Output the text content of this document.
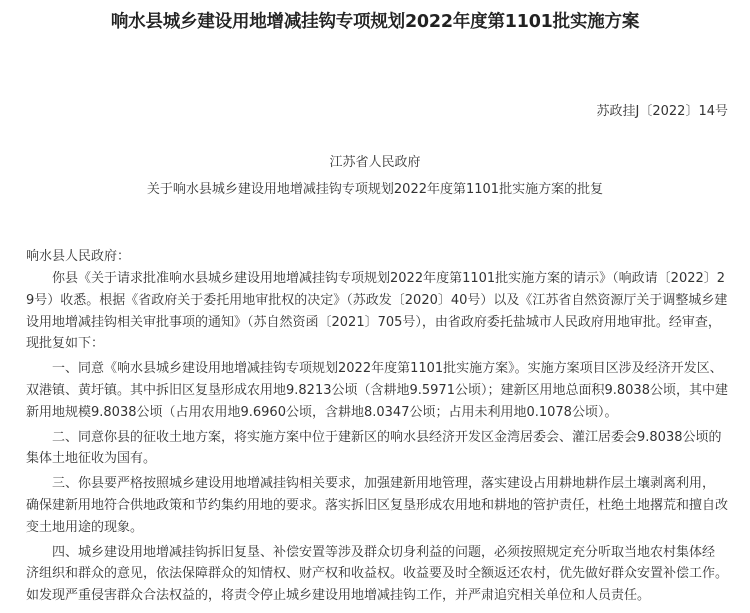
响水县城乡建设用地增减挂钩专项规划2022年度第1101批实施方案
苏政挂J〔2022〕14号
江苏省人民政府
关于响水县城乡建设用地增减挂钩专项规划2022年度第1101批实施方案的批复
响水县人民政府：

你县《关于请求批准响水县城乡建设用地增减挂钩专项规划2022年度第1101批实施方案的请示》（响政请〔2022〕2
9号）收悉。根据《省政府关于委托用地审批权的决定》（苏政发〔2020〕40号）以及《江苏省自然资源厅关于调整城乡建
设用地增减挂钩相关审批事项的通知》（苏自然资函〔2021〕705号），由省政府委托盐城市人民政府用地审批。经审查，
现批复如下：

一、同意《响水县城乡建设用地增减挂钩专项规划2022年度第1101批实施方案》。实施方案项目区涉及经济开发区、
双港镇、黄圩镇。其中拆旧区复垦形成农用地9.8213公顷（含耕地9.5971公顷）；建新区用地总面积9.8038公顷，其中建
新用地规模9.8038公顷（占用农用地9.6960公顷，含耕地8.0347公顷；占用未利用地0.1078公顷）。

二、同意你县的征收土地方案，将实施方案中位于建新区的响水县经济开发区金湾居委会、灌江居委会9.8038公顷的
集体土地征收为国有。

三、你县要严格按照城乡建设用地增减挂钩相关要求，加强建新用地管理，落实建设占用耕地耕作层土壤剥离利用，
确保建新用地符合供地政策和节约集约用地的要求。落实拆旧区复垦形成农用地和耕地的管护责任，杜绝土地撂荒和擅自改
变土地用途的现象。

四、城乡建设用地增减挂钩拆旧复垦、补偿安置等涉及群众切身利益的问题，必须按照规定充分听取当地农村集体经
济组织和群众的意见，依法保障群众的知情权、财产权和收益权。收益要及时全额返还农村，优先做好群众安置补偿工作。
如发现严重侵害群众合法权益的，将责令停止城乡建设用地增减挂钩工作，并严肃追究相关单位和人员责任。
